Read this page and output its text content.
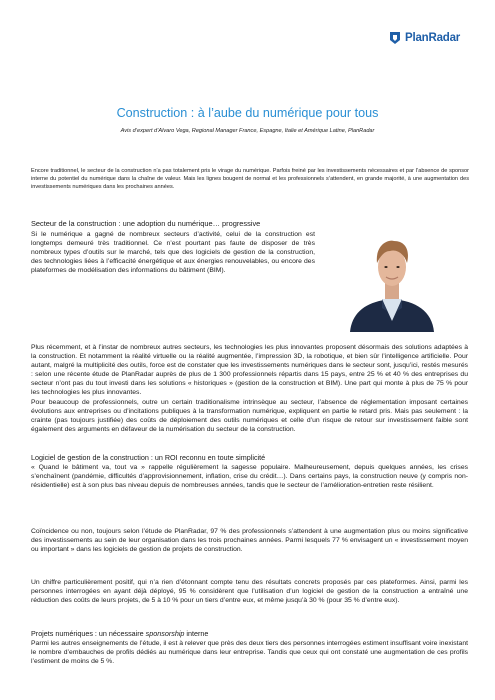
PlanRadar
Construction : à l’aube du numérique pour tous
Avis d’expert d’Alvaro Vega, Regional Manager France, Espagne, Italie et Amérique Latine, PlanRadar

Encore traditionnel, le secteur de la construction n’a pas totalement pris le virage du numérique. Parfois freiné par les investissements nécessaires et par l’absence de sponsor interne du potentiel du numérique dans la chaîne de valeur. Mais les lignes bougent de normal et les professionnels s’attendent, en grande majorité, à une augmentation des investissements numériques dans les prochaines années.

Secteur de la construction : une adoption du numérique… progressive

Si le numérique a gagné de nombreux secteurs d’activité, celui de la construction est longtemps demeuré très traditionnel. Ce n’est pourtant pas faute de disposer de très nombreux types d’outils sur le marché, tels que des logiciels de gestion de la construction, des technologies liées à l’efficacité énergétique et aux énergies renouvelables, ou encore des plateformes de modélisation des informations du bâtiment (BIM).

Plus récemment, et à l’instar de nombreux autres secteurs, les technologies les plus innovantes proposent désormais des solutions adaptées à la construction. Et notamment la réalité virtuelle ou la réalité augmentée, l’impression 3D, la robotique, et bien sûr l’intelligence artificielle. Pour autant, malgré la multiplicité des outils, force est de constater que les investissements numériques dans le secteur sont, jusqu’ici, restés mesurés : selon une récente étude de PlanRadar auprès de plus de 1 300 professionnels répartis dans 15 pays, entre 25 % et 40 % des entreprises du secteur n’ont pas du tout investi dans les solutions « historiques » (gestion de la construction et BIM). Une part qui monte à plus de 75 % pour les technologies les plus innovantes.

Pour beaucoup de professionnels, outre un certain traditionalisme intrinsèque au secteur, l’absence de réglementation imposant certaines évolutions aux entreprises ou d’incitations publiques à la transformation numérique, expliquent en partie le retard pris. Mais pas seulement : la crainte (pas toujours justifiée) des coûts de déploiement des outils numériques et celle d’un risque de retour sur investissement faible sont également des arguments en défaveur de la numérisation du secteur de la construction.

Logiciel de gestion de la construction : un ROI reconnu en toute simplicité

« Quand le bâtiment va, tout va » rappelle régulièrement la sagesse populaire. Malheureusement, depuis quelques années, les crises s’enchaînent (pandémie, difficultés d’approvisionnement, inflation, crise du crédit…). Dans certains pays, la construction neuve (y compris non-résidentielle) est à son plus bas niveau depuis de nombreuses années, tandis que le secteur de l’amélioration-entretien reste résilient.

Coïncidence ou non, toujours selon l’étude de PlanRadar, 97 % des professionnels s’attendent à une augmentation plus ou moins significative des investissements au sein de leur organisation dans les trois prochaines années. Parmi lesquels 77 % envisagent un « investissement moyen ou important » dans les logiciels de gestion de projets de construction.

Un chiffre particulièrement positif, qui n’a rien d’étonnant compte tenu des résultats concrets proposés par ces plateformes. Ainsi, parmi les personnes interrogées en ayant déjà déployé, 95 % considèrent que l’utilisation d’un logiciel de gestion de la construction a entraîné une réduction des coûts de leurs projets, de 5 à 10 % pour un tiers d’entre eux, et même jusqu’à 30 % (pour 35 % d’entre eux).

Projets numériques : un nécessaire sponsorship interne

Parmi les autres enseignements de l’étude, il est à relever que près des deux tiers des personnes interrogées estiment insuffisant voire inexistant le nombre d’embauches de profils dédiés au numérique dans leur entreprise. Tandis que ceux qui ont constaté une augmentation de ces profils l’estiment de moins de 5 %.
